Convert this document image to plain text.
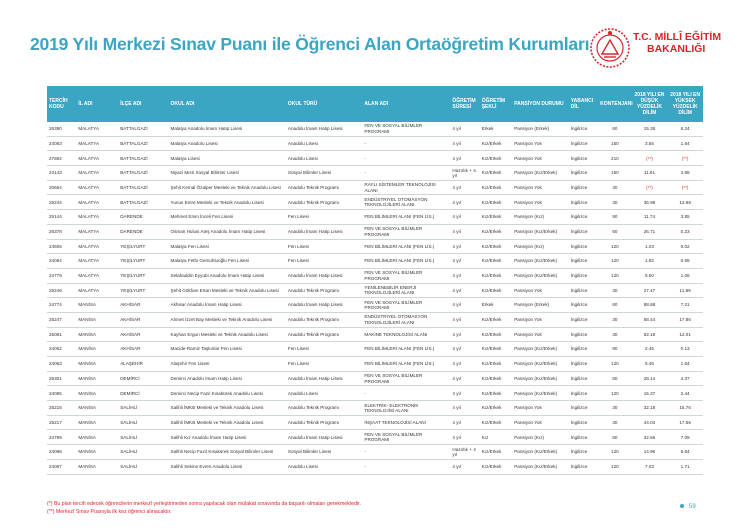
2019 Yılı Merkezi Sınav Puanı ile Öğrenci Alan Ortaöğretim Kurumları	T.C. MİLLÎ EĞİTİM
BAKANLIĞI
TERCİH KODU	İL ADI	İLÇE ADI	OKUL ADI	OKUL TÜRÜ	ALAN ADI	ÖĞRETİM SÜRESİ	ÖĞRETİM ŞEKLİ	PANSİYON DURUMU	YABANCI DİL	KONTENJANI	2018 YILI EN DÜŞÜK YÜZDELİK DİLİM	2018 YILI EN YÜKSEK YÜZDELİK DİLİM
26390	MALATYA	BATTALGAZİ	Malatya Anadolu İmam Hatip Lisesi	Anadolu İmam Hatip Lisesi	FEN VE SOSYAL BİLİMLER PROGRAMI	4 yıl	Erkek	Pansiyon (Erkek)	İngilizce	60	15.35	6.24
24083	MALATYA	BATTALGAZİ	Malatya Anadolu Lisesi	Anadolu Lisesi	-	4 yıl	Kız/Erkek	Pansiyon Yok	İngilizce	150	3.55	1.84
27892	MALATYA	BATTALGAZİ	Malatya Lisesi	Anadolu Lisesi	-	4 yıl	Kız/Erkek	Pansiyon Yok	İngilizce	210	(**)	(**)
24143	MALATYA	BATTALGAZİ	Niyazi Mısri Sosyal Bilimler Lisesi	Sosyal Bilimler Lisesi	-	Hazırlık + 4 yıl	Kız/Erkek	Pansiyon (Kız/Erkek)	İngilizce	150	11.61	3.88
20664	MALATYA	BATTALGAZİ	Şehit Kemal Özalper Mesleki ve Teknik Anadolu Lisesi	Anadolu Teknik Programı	RAYLI SİSTEMLER TEKNOLOJİSİ ALANI	4 yıl	Kız/Erkek	Pansiyon Yok	İngilizce	30	(**)	(**)
25244	MALATYA	BATTALGAZİ	Yunus Emre Mesleki ve Teknik Anadolu Lisesi	Anadolu Teknik Programı	ENDÜSTRİYEL OTOMASYON TEKNOLOJİLERİ ALANI	4 yıl	Kız/Erkek	Pansiyon Yok	İngilizce	30	36.98	13.98
25144	MALATYA	DARENDE	Mehmet Emin İnceli Fen Lisesi	Fen Lisesi	FEN BİLİMLERİ ALANI (FEN LİS.)	4 yıl	Kız/Erkek	Pansiyon (Kız)	İngilizce	90	11.74	3.85
26378	MALATYA	DARENDE	Osman Hulusi Ateş Anadolu İmam Hatip Lisesi	Anadolu İmam Hatip Lisesi	FEN VE SOSYAL BİLİMLER PROGRAMI	4 yıl	Kız/Erkek	Pansiyon (Kız/Erkek)	İngilizce	60	26.71	0.23
24605	MALATYA	YEŞİLYURT	Malatya Fen Lisesi	Fen Lisesi	FEN BİLİMLERİ ALANI (FEN LİS.)	4 yıl	Kız/Erkek	Pansiyon (Kız)	İngilizce	120	1.03	0.02
24084	MALATYA	YEŞİLYURT	Malatya Fethi Gemuhluoğlu Fen Lisesi	Fen Lisesi	FEN BİLİMLERİ ALANI (FEN LİS.)	4 yıl	Kız/Erkek	Pansiyon (Kız/Erkek)	İngilizce	120	1.92	0.68
24779	MALATYA	YEŞİLYURT	Selahaddin Eyyubi Anadolu İmam Hatip Lisesi	Anadolu İmam Hatip Lisesi	FEN VE SOSYAL BİLİMLER PROGRAMI	4 yıl	Kız/Erkek	Pansiyon (Kız/Erkek)	İngilizce	120	5.50	1.06
25246	MALATYA	YEŞİLYURT	Şehit Gökhan Ertan Mesleki ve Teknik Anadolu Lisesi	Anadolu Teknik Programı	YENİLENEBİLİR ENERJİ TEKNOLOJİLERİ ALANI	4 yıl	Kız/Erkek	Pansiyon Yok	İngilizce	30	27.47	11.89
24774	MANİSA	AKHİSAR	Akhisar Anadolu İmam Hatip Lisesi	Anadolu İmam Hatip Lisesi	FEN VE SOSYAL BİLİMLER PROGRAMI	4 yıl	Erkek	Pansiyon (Erkek)	İngilizce	60	88.88	7.21
25247	MANİSA	AKHİSAR	Ahmet İzzet Bay Mesleki ve Teknik Anadolu Lisesi	Anadolu Teknik Programı	ENDÜSTRİYEL OTOMASYON TEKNOLOJİLERİ ALANI	4 yıl	Kız/Erkek	Pansiyon Yok	İngilizce	30	58.44	17.86
25081	MANİSA	AKHİSAR	Kayhan Ergun Mesleki ve Teknik Anadolu Lisesi	Anadolu Teknik Programı	MAKİNE TEKNOLOJİSİ ALANI	4 yıl	Kız/Erkek	Pansiyon Yok	İngilizce	30	62.18	12.01
24062	MANİSA	AKHİSAR	Macide-Ramiz Taşkınlar Fen Lisesi	Fen Lisesi	FEN BİLİMLERİ ALANI (FEN LİS.)	4 yıl	Kız/Erkek	Pansiyon (Kız/Erkek)	İngilizce	90	2.45	0.13
24063	MANİSA	ALAŞEHİR	Alaşehir Fen Lisesi	Fen Lisesi	FEN BİLİMLERİ ALANI (FEN LİS.)	4 yıl	Kız/Erkek	Pansiyon (Kız/Erkek)	İngilizce	120	5.46	1.84
26301	MANİSA	DEMİRCİ	Demirci Anadolu İmam Hatip Lisesi	Anadolu İmam Hatip Lisesi	FEN VE SOSYAL BİLİMLER PROGRAMI	4 yıl	Kız/Erkek	Pansiyon (Kız/Erkek)	İngilizce	60	28.14	4.37
24085	MANİSA	DEMİRCİ	Demirci Necip Fazıl Kısakürek Anadolu Lisesi	Anadolu Lisesi	-	4 yıl	Kız/Erkek	Pansiyon (Kız/Erkek)	İngilizce	120	15.37	2.44
25216	MANİSA	SALİHLİ	Salihli İMKB Mesleki ve Teknik Anadolu Lisesi	Anadolu Teknik Programı	ELEKTRİK- ELEKTRONİK TEKNOLOJİSİ ALANI	4 yıl	Kız/Erkek	Pansiyon Yok	İngilizce	30	32.18	15.76
25217	MANİSA	SALİHLİ	Salihli İMKB Mesleki ve Teknik Anadolu Lisesi	Anadolu Teknik Programı	İNŞAAT TEKNOLOJİSİ ALANI	4 yıl	Kız/Erkek	Pansiyon Yok	İngilizce	30	44.04	17.56
24789	MANİSA	SALİHLİ	Salihli Kız Anadolu İmam Hatip Lisesi	Anadolu İmam Hatip Lisesi	FEN VE SOSYAL BİLİMLER PROGRAMI	4 yıl	Kız	Pansiyon (Kız)	İngilizce	60	32.56	7.09
24088	MANİSA	SALİHLİ	Salihli Necip Fazıl Kısakürek Sosyal Bilimler Lisesi	Sosyal Bilimler Lisesi	-	Hazırlık + 4 yıl	Kız/Erkek	Pansiyon (Kız/Erkek)	İngilizce	120	14.96	5.84
24087	MANİSA	SALİHLİ	Salihli Sekine Evren Anadolu Lisesi	Anadolu Lisesi	-	4 yıl	Kız/Erkek	Pansiyon (Kız/Erkek)	İngilizce	120	7.03	1.71
(*) Bu plan tercih edecek öğrencilerin merkezî yerleştirmeden sonra yapılacak olan mülakat sınavında da başarılı olmaları gerekmektedir.
(**) Merkezî Sınav Puanıyla ilk kez öğrenci alınacaktır.
59
